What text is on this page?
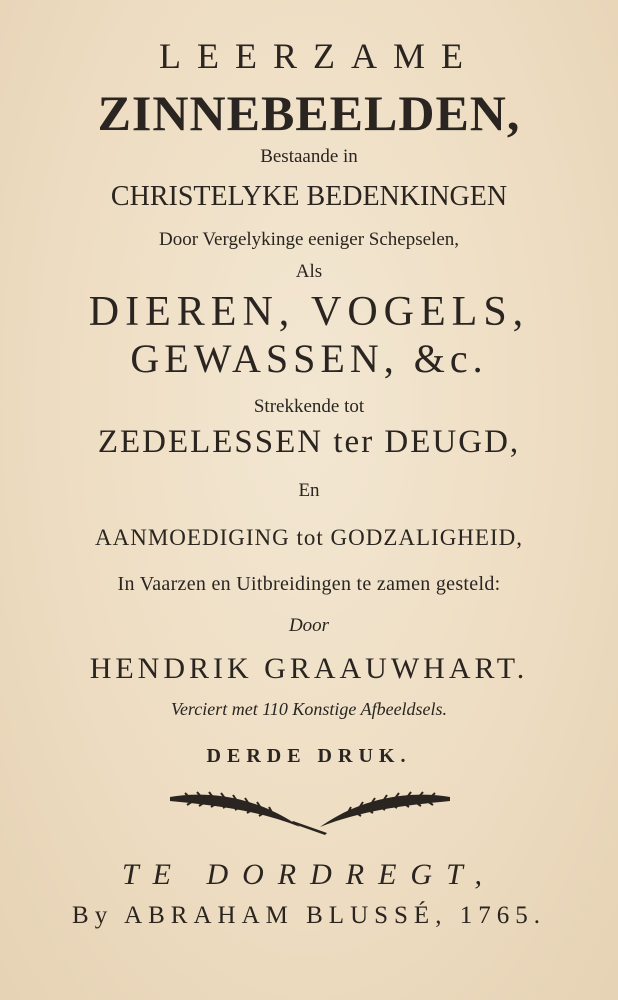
LEERZAME
ZINNEBEELDEN,
Bestaande in
CHRISTELYKE BEDENKINGEN
Door Vergelykinge eeniger Schepselen,
Als
DIEREN, VOGELS,
GEWASSEN, &c.
Strekkende tot
ZEDELESSEN ter DEUGD,
En
AANMOEDIGING tot GODZALIGHEID,
In Vaarzen en Uitbreidingen te zamen gesteld:
Door
HENDRIK GRAAUWHART.
Verciert met 110 Konstige Afbeeldsels.
DERDE DRUK.
TE DORDREGT,
By ABRAHAM BLUSSÉ, 1765.
